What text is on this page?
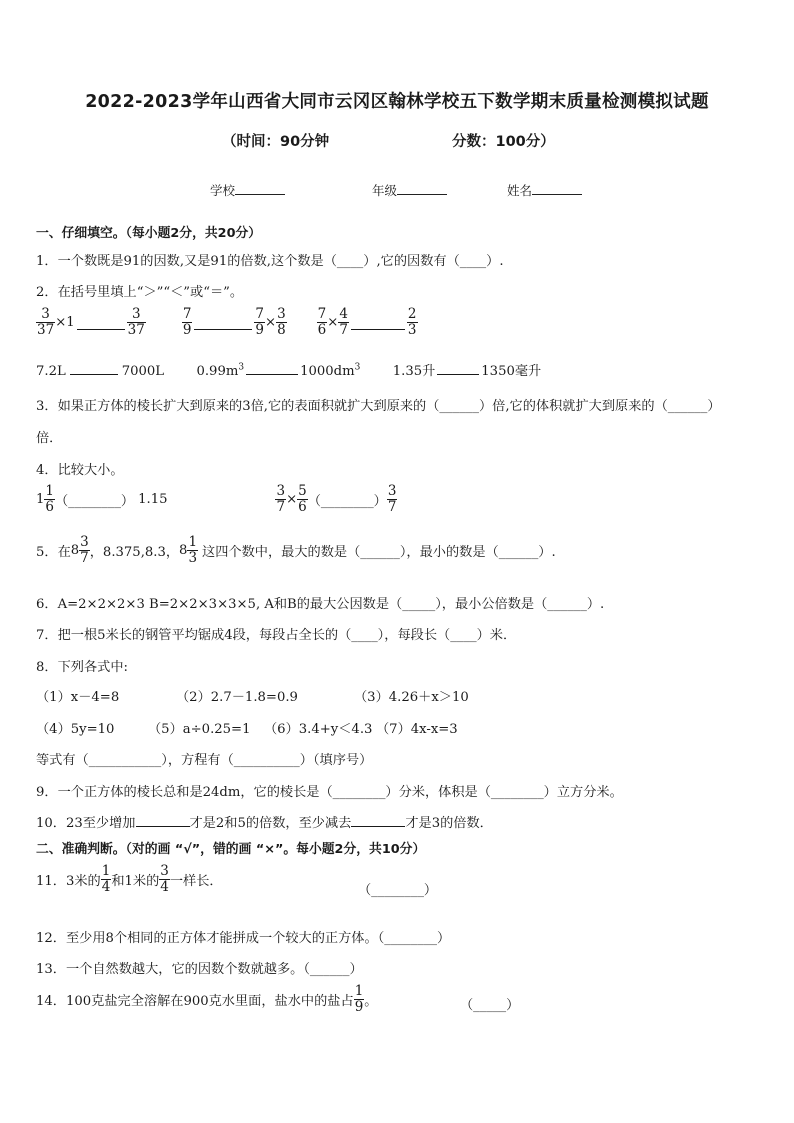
2022-2023学年山西省大同市云冈区翰林学校五下数学期末质量检测模拟试题
（时间：90分钟	分数：100分）
学校	年级	姓名
一、仔细填空。（每小题2分，共20分）
1．一个数既是91的因数,又是91的倍数,这个数是（____）,它的因数有（____）.
2．在括号里填上“＞”“＜”或“＝”。
$\frac{3}{37} \times 1$	$\frac{3}{37}$	$\frac{7}{9}$	$\frac{7}{9} \times \frac{3}{8} \frac{7}{6} \times \frac{4}{7}$	$\frac{2}{3}$
7.2L	7000L $0.99m^3$	$1000dm^3$ 1.35升	1350毫升
3．如果正方体的棱长扩大到原来的3倍,它的表面积就扩大到原来的（______）倍,它的体积就扩大到原来的（______）
倍．
4．比较大小。
$1 \frac{1}{6}$ （________） 1.15	$\frac{3}{7} \times \frac{5}{6}$ （________） $\frac{3}{7}$
5．在 $8 \frac{3}{7}$ ，8.375,8.3， $8 \frac{1}{3}$ 这四个数中，最大的数是（______），最小的数是（______）.
6．A=2×2×2×3 B=2×2×3×3×5, A和B的最大公因数是（_____），最小公倍数是（______）.
7．把一根5米长的钢管平均锯成4段，每段占全长的（____），每段长（____）米．
8．下列各式中:
（1）x－4=8	（2）2.7－1.8=0.9	（3）4.26＋x＞10
（4）5y=10	（5）a÷0.25=1 （6）3.4+y＜4.3 （7）4x-x=3
等式有（___________），方程有（__________）（填序号）
9．一个正方体的棱长总和是24dm，它的棱长是（________）分米，体积是（________）立方分米。
10．23至少增加	才是2和5的倍数，至少减去	才是3的倍数．
二、准确判断。（对的画 “√”，错的画 “×”。每小题2分，共10分）
11．3米的 $\frac{1}{4}$ 和1米的 $\frac{3}{4}$ 一样长．
（________）
12．至少用8个相同的正方体才能拼成一个较大的正方体。（________）
13．一个自然数越大，它的因数个数就越多。（______）
14．100克盐完全溶解在900克水里面，盐水中的盐占 $\frac{1}{9}$ 。	（_____）
